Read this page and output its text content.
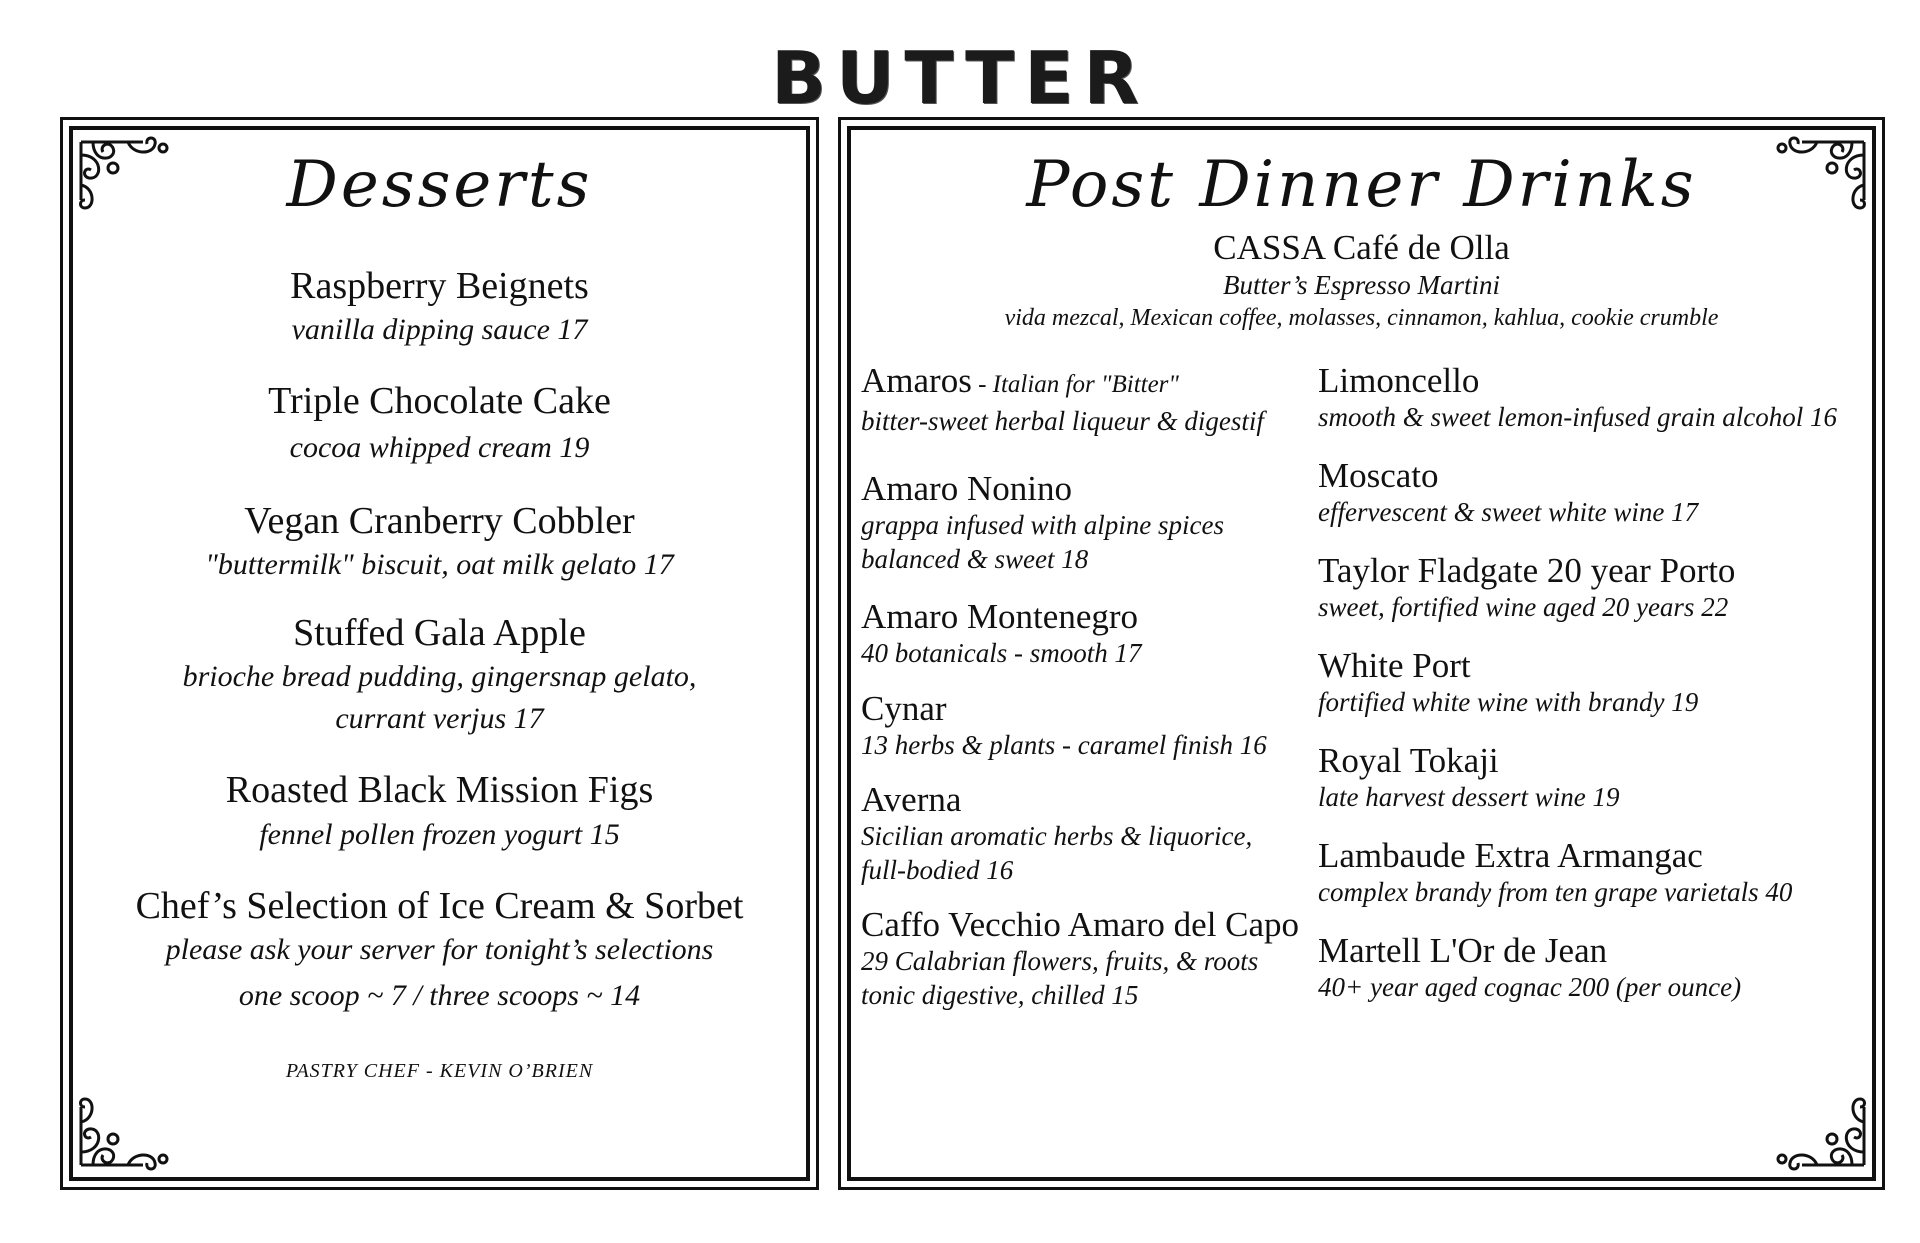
BUTTER
Desserts
Raspberry Beignets
vanilla dipping sauce 17
Triple Chocolate Cake
cocoa whipped cream 19
Vegan Cranberry Cobbler
"buttermilk" biscuit, oat milk gelato 17
Stuffed Gala Apple
brioche bread pudding, gingersnap gelato,
currant verjus 17
Roasted Black Mission Figs
fennel pollen frozen yogurt 15
Chef’s Selection of Ice Cream & Sorbet
please ask your server for tonight’s selections
one scoop ~ 7 / three scoops ~ 14
PASTRY CHEF - KEVIN O’BRIEN
Post Dinner Drinks
CASSA Café de Olla
Butter’s Espresso Martini
vida mezcal, Mexican coffee, molasses, cinnamon, kahlua, cookie crumble
Amaros - Italian for "Bitter"
bitter-sweet herbal liqueur & digestif
Amaro Nonino
grappa infused with alpine spices
balanced & sweet 18
Amaro Montenegro
40 botanicals - smooth 17
Cynar
13 herbs & plants - caramel finish 16
Averna
Sicilian aromatic herbs & liquorice,
full-bodied 16
Caffo Vecchio Amaro del Capo
29 Calabrian flowers, fruits, & roots
tonic digestive, chilled 15
Limoncello
smooth & sweet lemon-infused grain alcohol 16
Moscato
effervescent & sweet white wine 17
Taylor Fladgate 20 year Porto
sweet, fortified wine aged 20 years 22
White Port
fortified white wine with brandy 19
Royal Tokaji
late harvest dessert wine 19
Lambaude Extra Armangac
complex brandy from ten grape varietals 40
Martell L'Or de Jean
40+ year aged cognac 200 (per ounce)
